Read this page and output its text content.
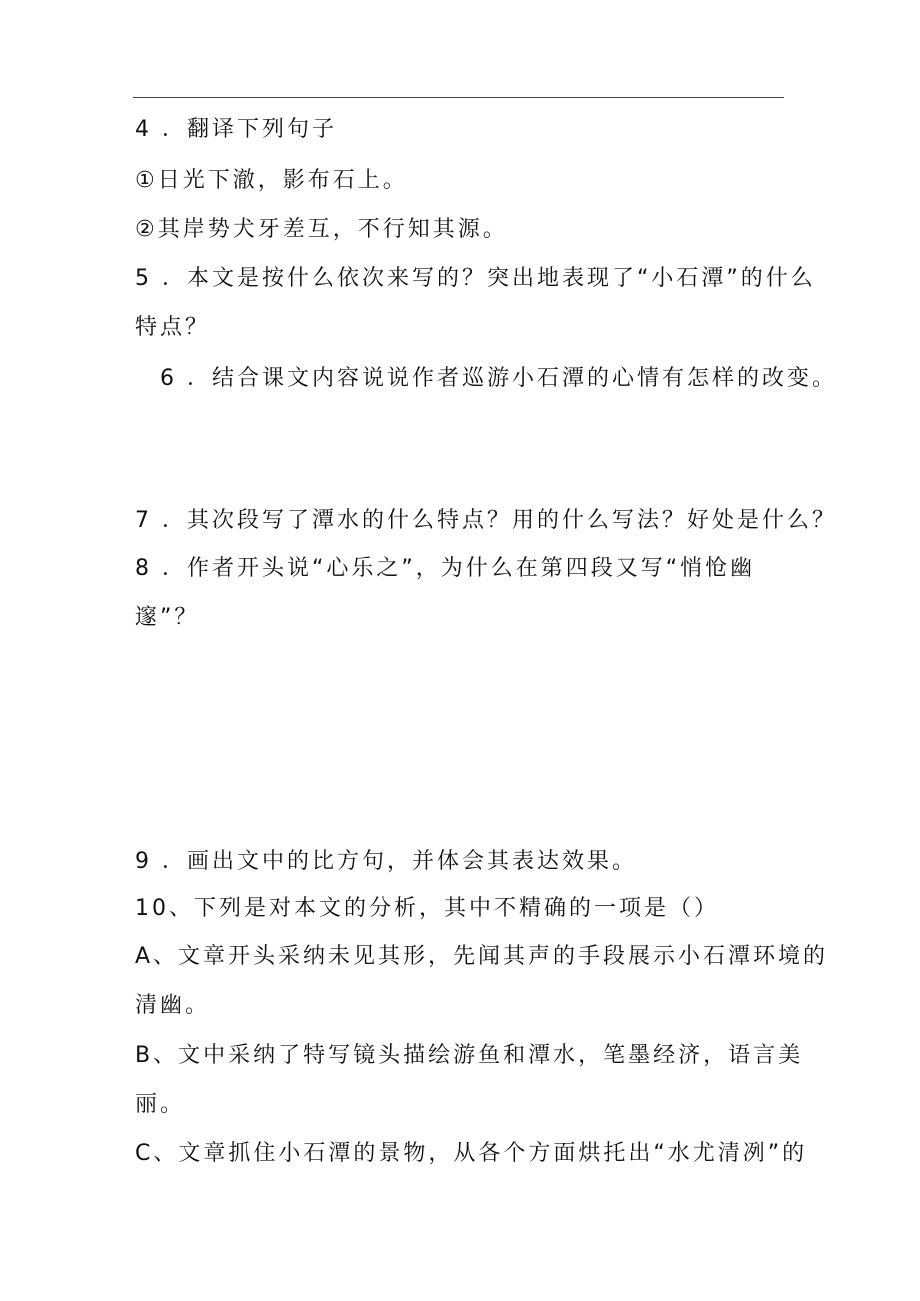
4 ．翻译下列句子
①日光下澈，影布石上。
②其岸势犬牙差互，不行知其源。
5 ．本文是按什么依次来写的？突出地表现了“小石潭”的什么
特点？
6 ．结合课文内容说说作者巡游小石潭的心情有怎样的改变。
7 ．其次段写了潭水的什么特点？用的什么写法？好处是什么？
8 ．作者开头说“心乐之”，为什么在第四段又写“悄怆幽
邃”？
9 ．画出文中的比方句，并体会其表达效果。
10、下列是对本文的分析，其中不精确的一项是（）
A、文章开头采纳未见其形，先闻其声的手段展示小石潭环境的
清幽。
B、文中采纳了特写镜头描绘游鱼和潭水，笔墨经济，语言美
丽。
C、文章抓住小石潭的景物，从各个方面烘托出“水尤清冽”的
